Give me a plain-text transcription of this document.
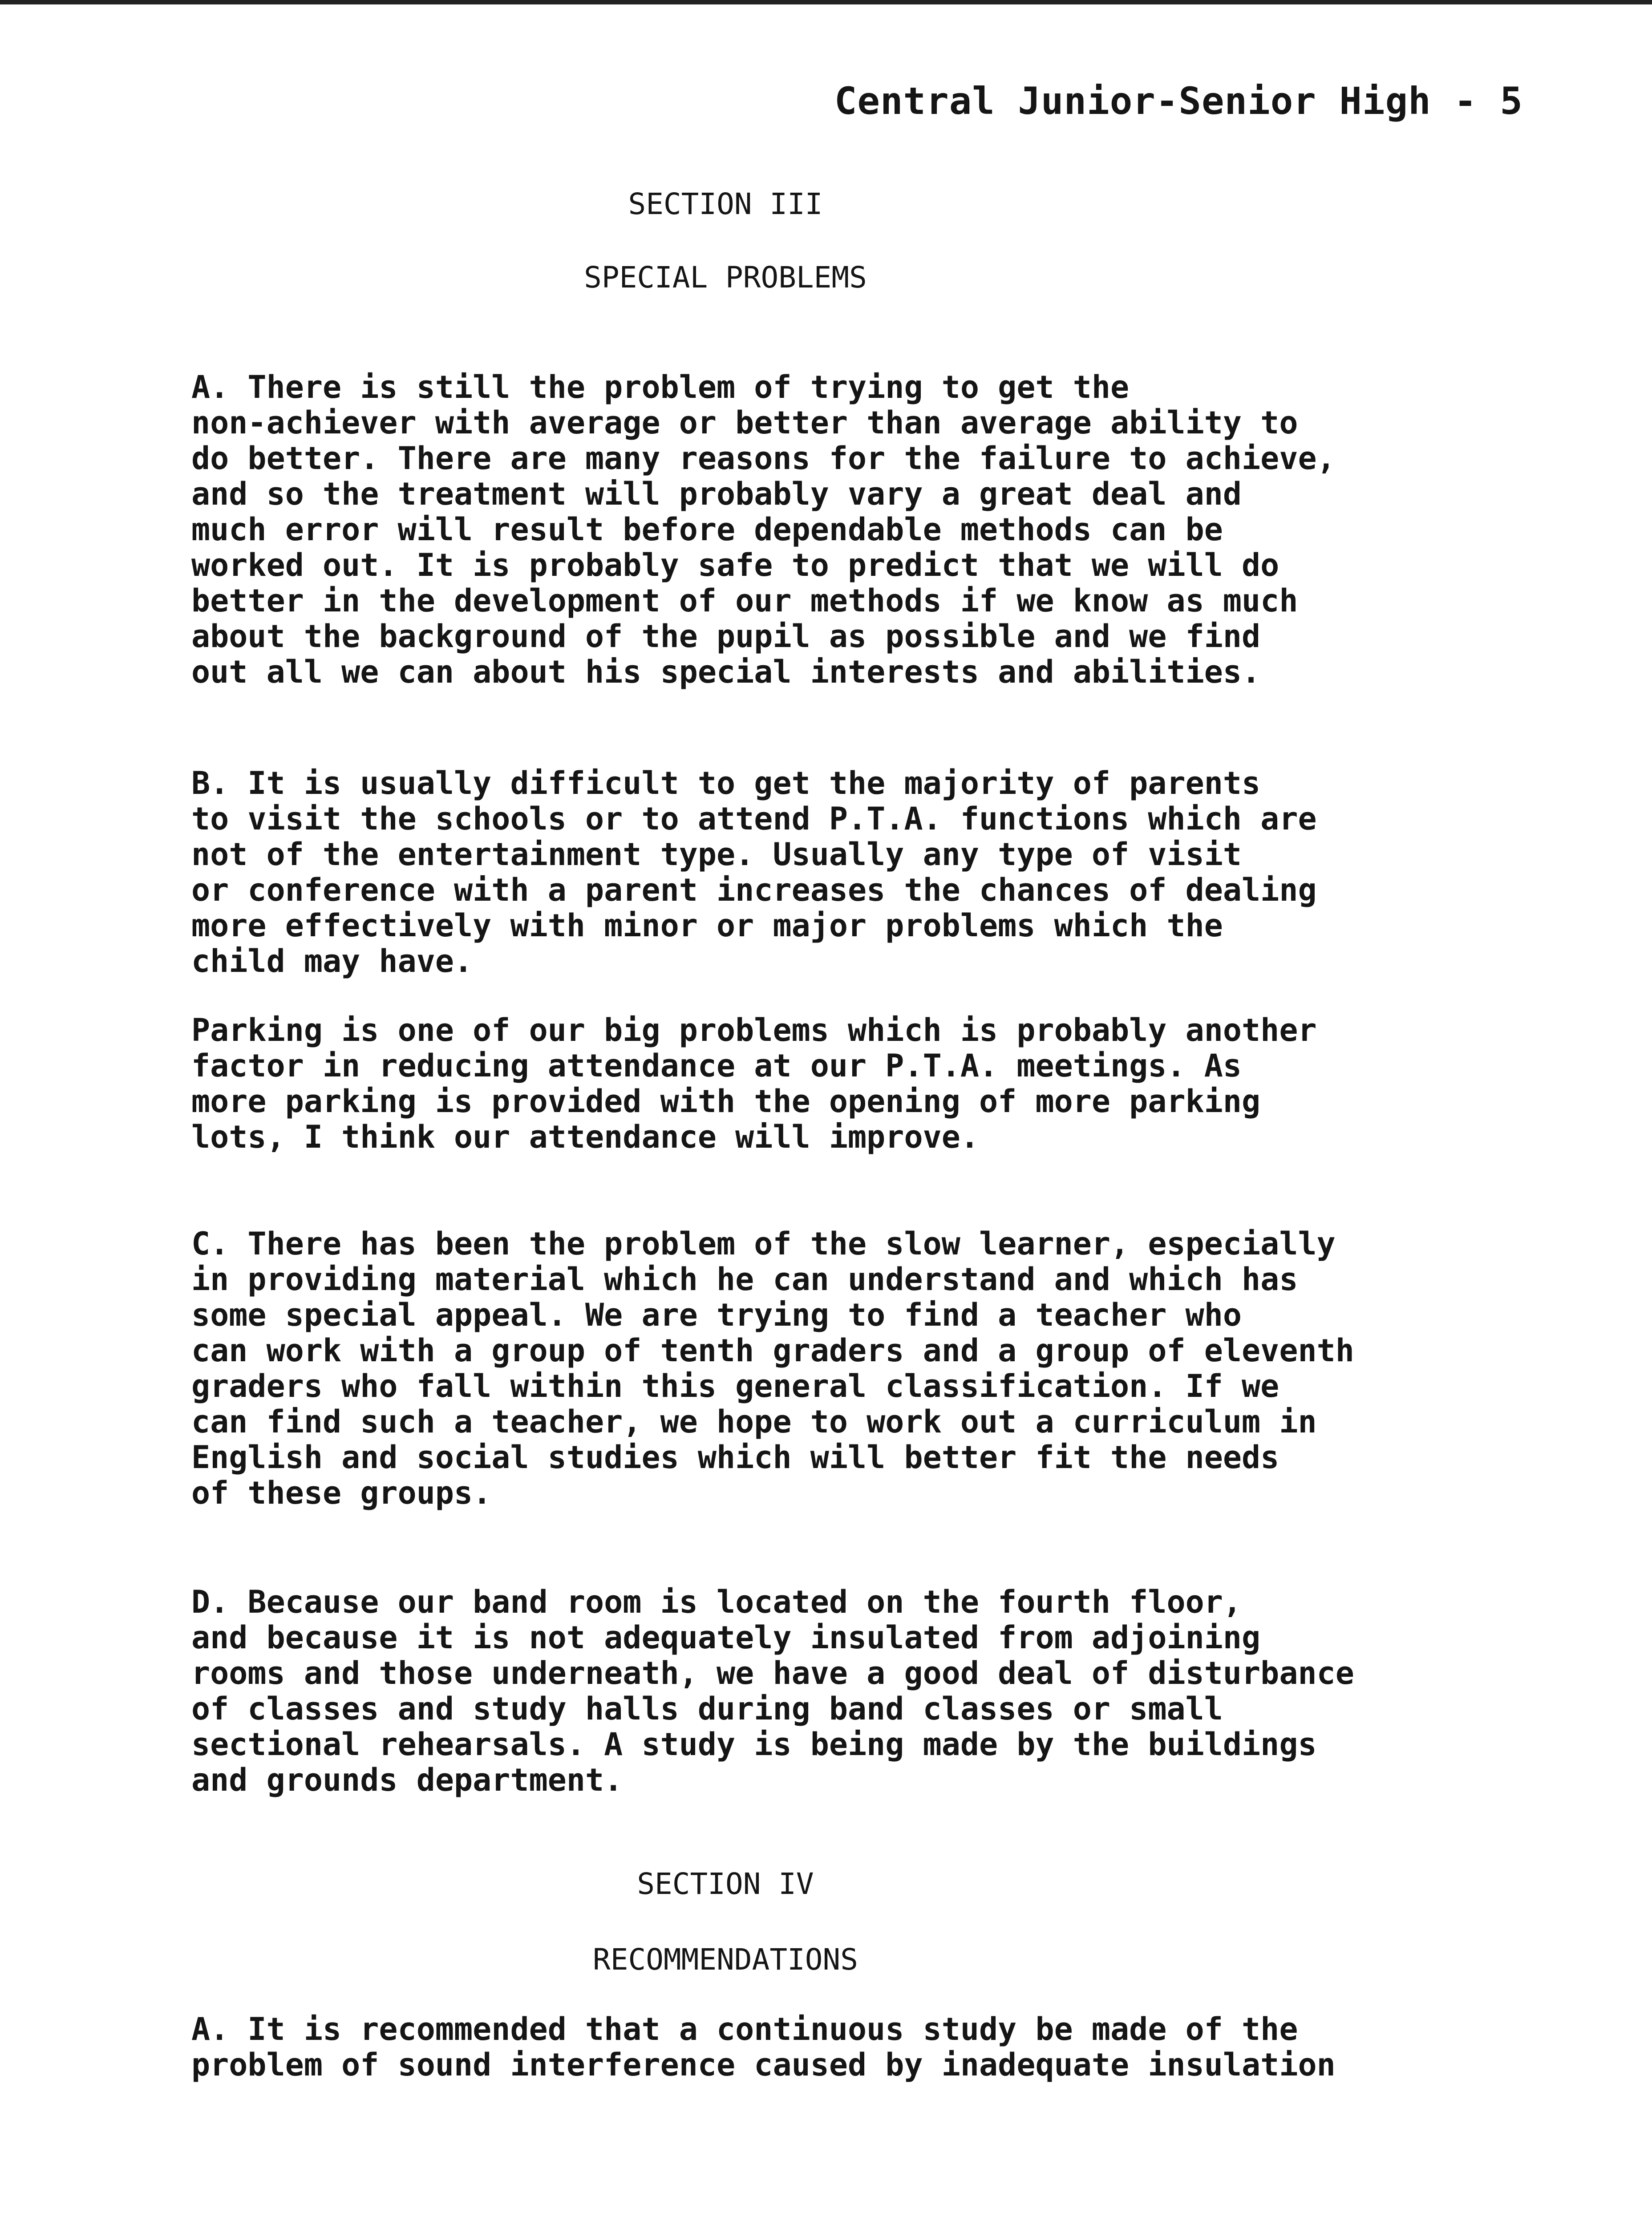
Central Junior-Senior High - 5
SECTION III
SPECIAL PROBLEMS
A. There is still the problem of trying to get the
non-achiever with average or better than average ability to
do better. There are many reasons for the failure to achieve,
and so the treatment will probably vary a great deal and
much error will result before dependable methods can be
worked out. It is probably safe to predict that we will do
better in the development of our methods if we know as much
about the background of the pupil as possible and we find
out all we can about his special interests and abilities.
B. It is usually difficult to get the majority of parents
to visit the schools or to attend P.T.A. functions which are
not of the entertainment type. Usually any type of visit
or conference with a parent increases the chances of dealing
more effectively with minor or major problems which the
child may have.
Parking is one of our big problems which is probably another
factor in reducing attendance at our P.T.A. meetings. As
more parking is provided with the opening of more parking
lots, I think our attendance will improve.
C. There has been the problem of the slow learner, especially
in providing material which he can understand and which has
some special appeal. We are trying to find a teacher who
can work with a group of tenth graders and a group of eleventh
graders who fall within this general classification. If we
can find such a teacher, we hope to work out a curriculum in
English and social studies which will better fit the needs
of these groups.
D. Because our band room is located on the fourth floor,
and because it is not adequately insulated from adjoining
rooms and those underneath, we have a good deal of disturbance
of classes and study halls during band classes or small
sectional rehearsals. A study is being made by the buildings
and grounds department.
SECTION IV
RECOMMENDATIONS
A. It is recommended that a continuous study be made of the
problem of sound interference caused by inadequate insulation
